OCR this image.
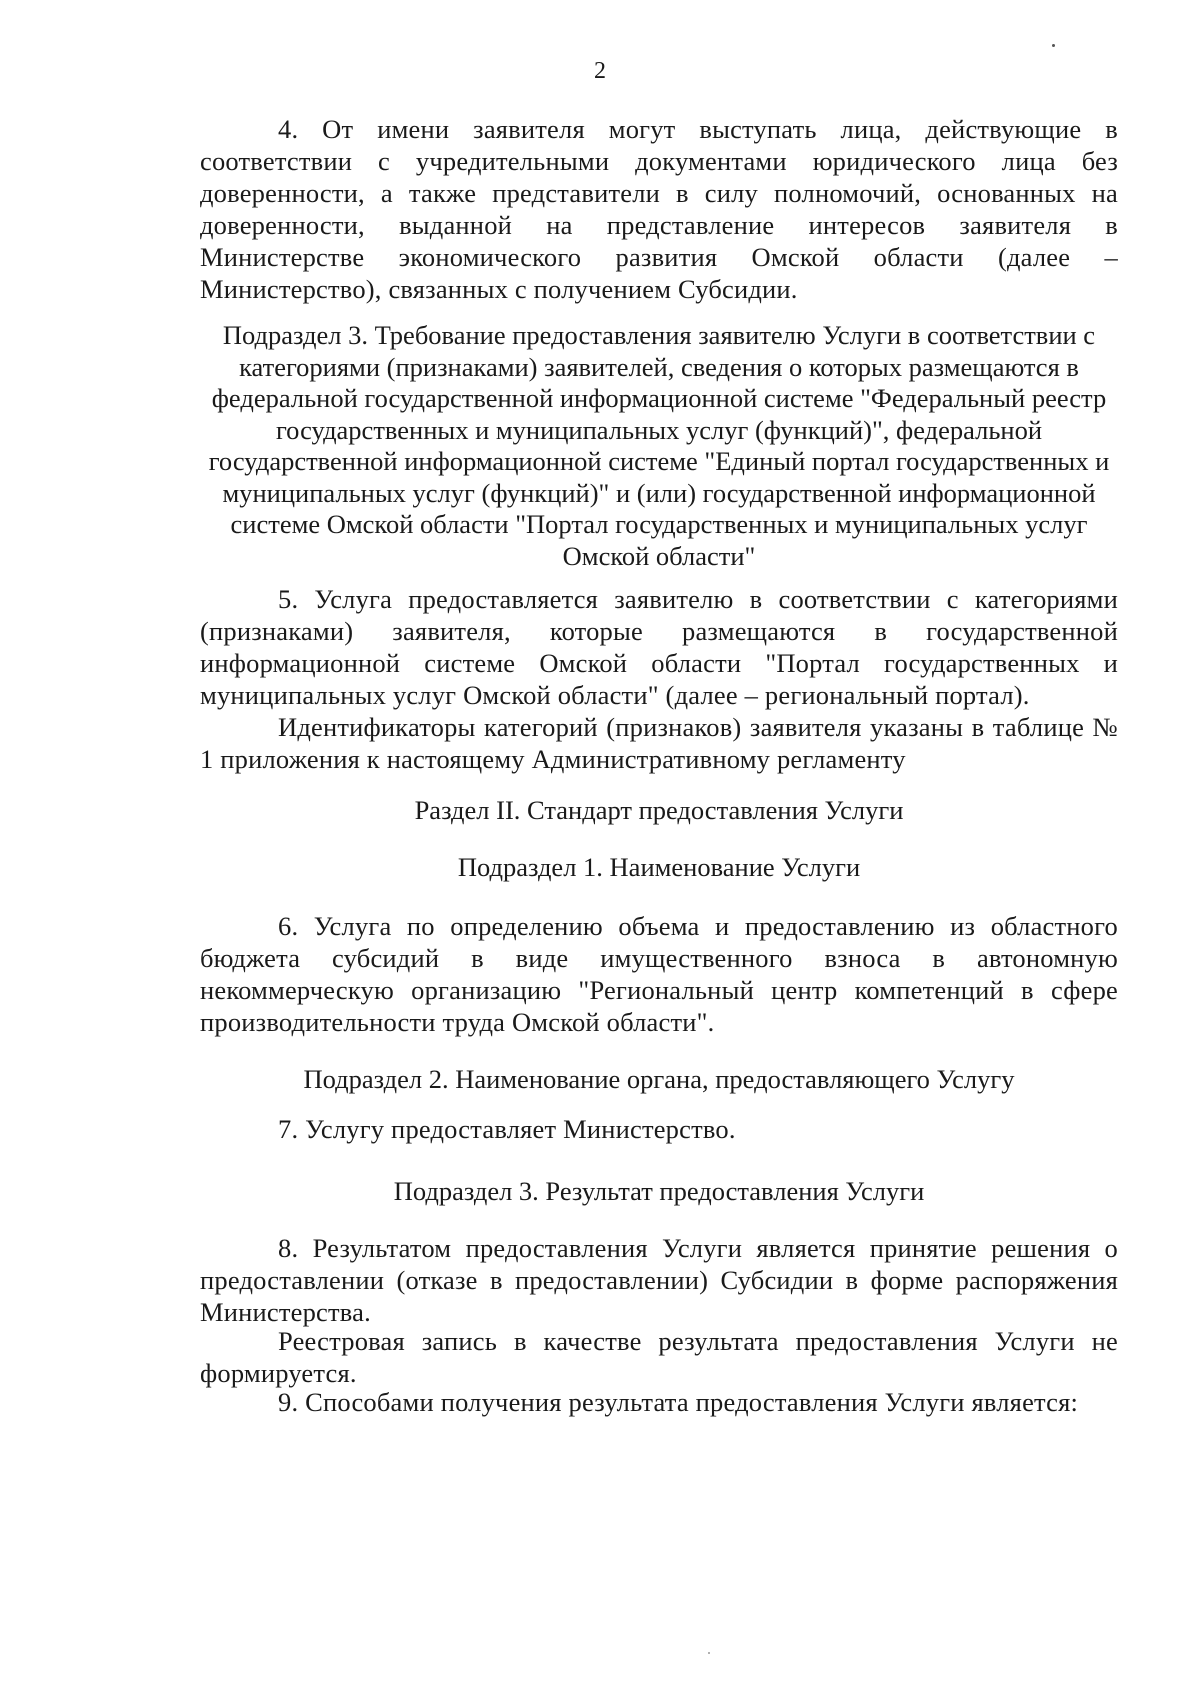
2
4. От имени заявителя могут выступать лица, действующие в соответствии с учредительными документами юридического лица без доверенности, а также представители в силу полномочий, основанных на доверенности, выданной на представление интересов заявителя в Министерстве экономического развития Омской области (далее – Министерство), связанных с получением Субсидии.
Подраздел 3. Требование предоставления заявителю Услуги в соответствии с категориями (признаками) заявителей, сведения о которых размещаются в федеральной государственной информационной системе "Федеральный реестр государственных и муниципальных услуг (функций)", федеральной государственной информационной системе "Единый портал государственных и муниципальных услуг (функций)" и (или) государственной информационной системе Омской области "Портал государственных и муниципальных услуг Омской области"
5. Услуга предоставляется заявителю в соответствии с категориями (признаками) заявителя, которые размещаются в государственной информационной системе Омской области "Портал государственных и муниципальных услуг Омской области" (далее – региональный портал).
Идентификаторы категорий (признаков) заявителя указаны в таблице № 1 приложения к настоящему Административному регламенту
Раздел II. Стандарт предоставления Услуги
Подраздел 1. Наименование Услуги
6. Услуга по определению объема и предоставлению из областного бюджета субсидий в виде имущественного взноса в автономную некоммерческую организацию "Региональный центр компетенций в сфере производительности труда Омской области".
Подраздел 2. Наименование органа, предоставляющего Услугу
7. Услугу предоставляет Министерство.
Подраздел 3. Результат предоставления Услуги
8. Результатом предоставления Услуги является принятие решения о предоставлении (отказе в предоставлении) Субсидии в форме распоряжения Министерства.
Реестровая запись в качестве результата предоставления Услуги не формируется.
9. Способами получения результата предоставления Услуги является:
